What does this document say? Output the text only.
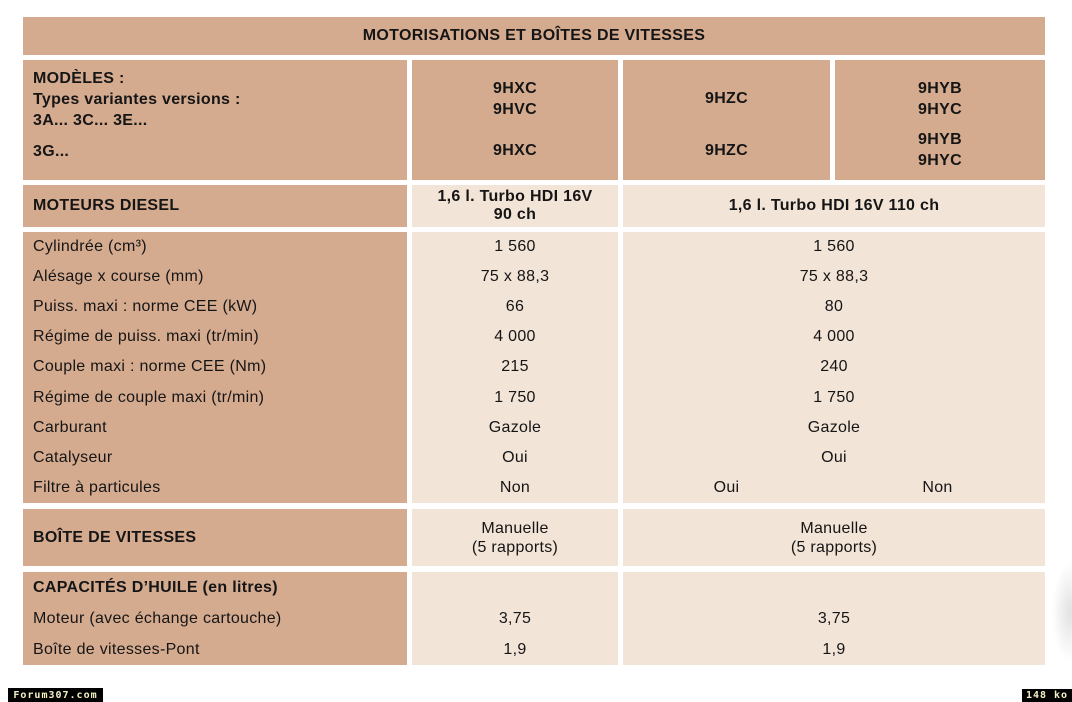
MOTORISATIONS ET BOÎTES DE VITESSES
MODÈLES :
Types variantes versions :
3A... 3C... 3E...
3G...
9HXC
9HVC
9HXC
9HZC
9HZC
9HYB
9HYC
9HYB
9HYC
MOTEURS DIESEL
1,6 l. Turbo HDI 16V
90 ch
1,6 l. Turbo HDI 16V 110 ch
Cylindrée (cm³)
Alésage x course (mm)
Puiss. maxi : norme CEE (kW)
Régime de puiss. maxi (tr/min)
Couple maxi : norme CEE (Nm)
Régime de couple maxi (tr/min)
Carburant
Catalyseur
Filtre à particules
1 560
75 x 88,3
66
4 000
215
1 750
Gazole
Oui
Non
1 560
75 x 88,3
80
4 000
240
1 750
Gazole
Oui
Oui	Non
BOÎTE DE VITESSES
Manuelle
(5 rapports)
Manuelle
(5 rapports)
CAPACITÉS D’HUILE (en litres)
Moteur (avec échange cartouche)
Boîte de vitesses-Pont
3,75
1,9
3,75
1,9
Forum307.com	148 ko
